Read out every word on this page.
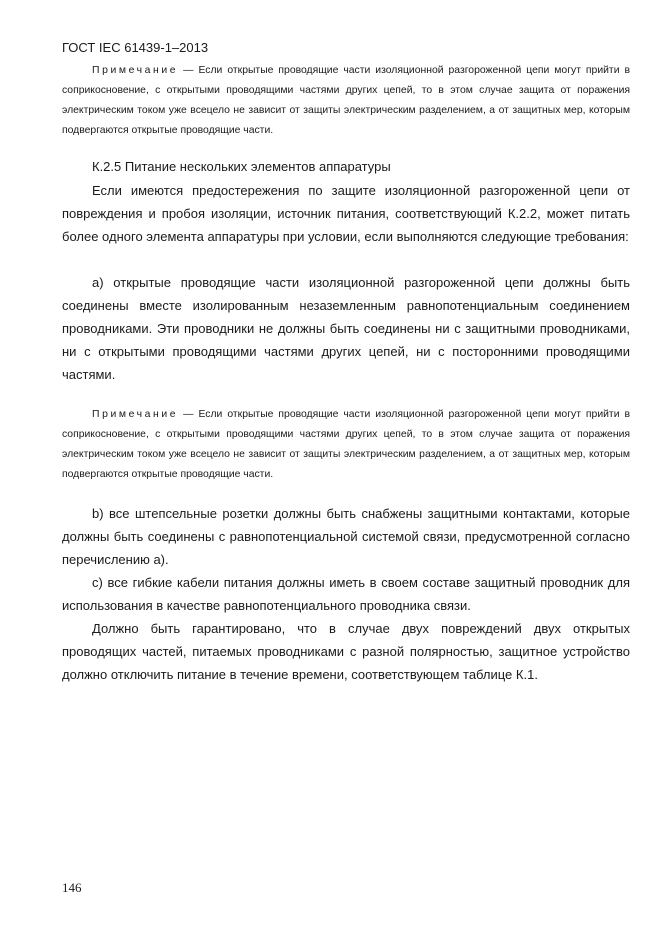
ГОСТ IEC 61439-1–2013
Примечание — Если открытые проводящие части изоляционной разгороженной цепи могут прийти в соприкосновение, с открытыми проводящими частями других цепей, то в этом случае защита от поражения электрическим током уже всецело не зависит от защиты электрическим разделением, а от защитных мер, которым подвергаются открытые проводящие части.
К.2.5 Питание нескольких элементов аппаратуры
Если имеются предостережения по защите изоляционной разгороженной цепи от повреждения и пробоя изоляции, источник питания, соответствующий К.2.2, может питать более одного элемента аппаратуры при условии, если выполняются следующие требования:
а) открытые проводящие части изоляционной разгороженной цепи должны быть соединены вместе изолированным незаземленным равнопотенциальным соединением проводниками. Эти проводники не должны быть соединены ни с защитными проводниками, ни с открытыми проводящими частями других цепей, ни с посторонними проводящими частями.
Примечание — Если открытые проводящие части изоляционной разгороженной цепи могут прийти в соприкосновение, с открытыми проводящими частями других цепей, то в этом случае защита от поражения электрическим током уже всецело не зависит от защиты электрическим разделением, а от защитных мер, которым подвергаются открытые проводящие части.
b) все штепсельные розетки должны быть снабжены защитными контактами, которые должны быть соединены с равнопотенциальной системой связи, предусмотренной согласно перечислению а).
c) все гибкие кабели питания должны иметь в своем составе защитный проводник для использования в качестве равнопотенциального проводника связи.
Должно быть гарантировано, что в случае двух повреждений двух открытых проводящих частей, питаемых проводниками с разной полярностью, защитное устройство должно отключить питание в течение времени, соответствующем таблице К.1.
146
